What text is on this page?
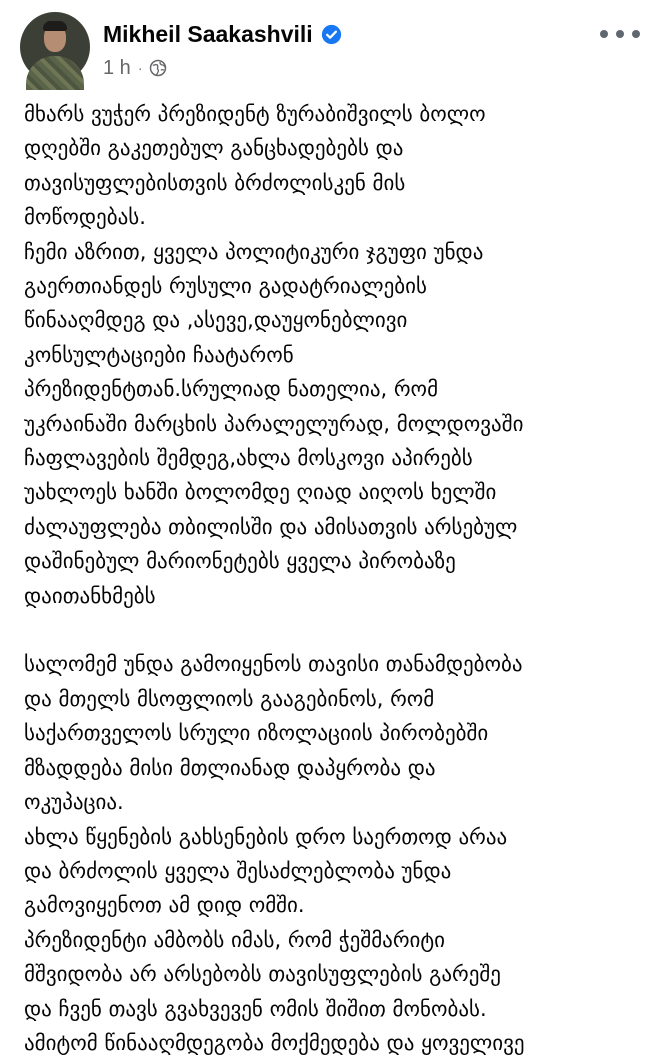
Mikheil Saakashvili
1 h ·
მხარს ვუჭერ პრეზიდენტ ზურაბიშვილს ბოლო
დღებში გაკეთებულ განცხადებებს და
თავისუფლებისთვის ბრძოლისკენ მის
მოწოდებას.
ჩემი აზრით, ყველა პოლიტიკური ჯგუფი უნდა
გაერთიანდეს რუსული გადატრიალების
წინააღმდეგ და ,ასევე,დაუყონებლივი
კონსულტაციები ჩაატარონ
პრეზიდენტთან.სრულიად ნათელია, რომ
უკრაინაში მარცხის პარალელურად, მოლდოვაში
ჩაფლავების შემდეგ,ახლა მოსკოვი აპირებს
უახლოეს ხანში ბოლომდე ღიად აიღოს ხელში
ძალაუფლება თბილისში და ამისათვის არსებულ
დაშინებულ მარიონეტებს ყველა პირობაზე
დაითანხმებს
სალომემ უნდა გამოიყენოს თავისი თანამდებობა
და მთელს მსოფლიოს გააგებინოს, რომ
საქართველოს სრული იზოლაციის პირობებში
მზადდება მისი მთლიანად დაპყრობა და
ოკუპაცია.
ახლა წყენების გახსენების დრო საერთოდ არაა
და ბრძოლის ყველა შესაძლებლობა უნდა
გამოვიყენოთ ამ დიდ ომში.
პრეზიდენტი ამბობს იმას, რომ ჭეშმარიტი
მშვიდობა არ არსებობს თავისუფლების გარეშე
და ჩვენ თავს გვახვევენ ომის შიშით მონობას.
ამიტომ წინააღმდეგობა მოქმედება და ყოველივე
